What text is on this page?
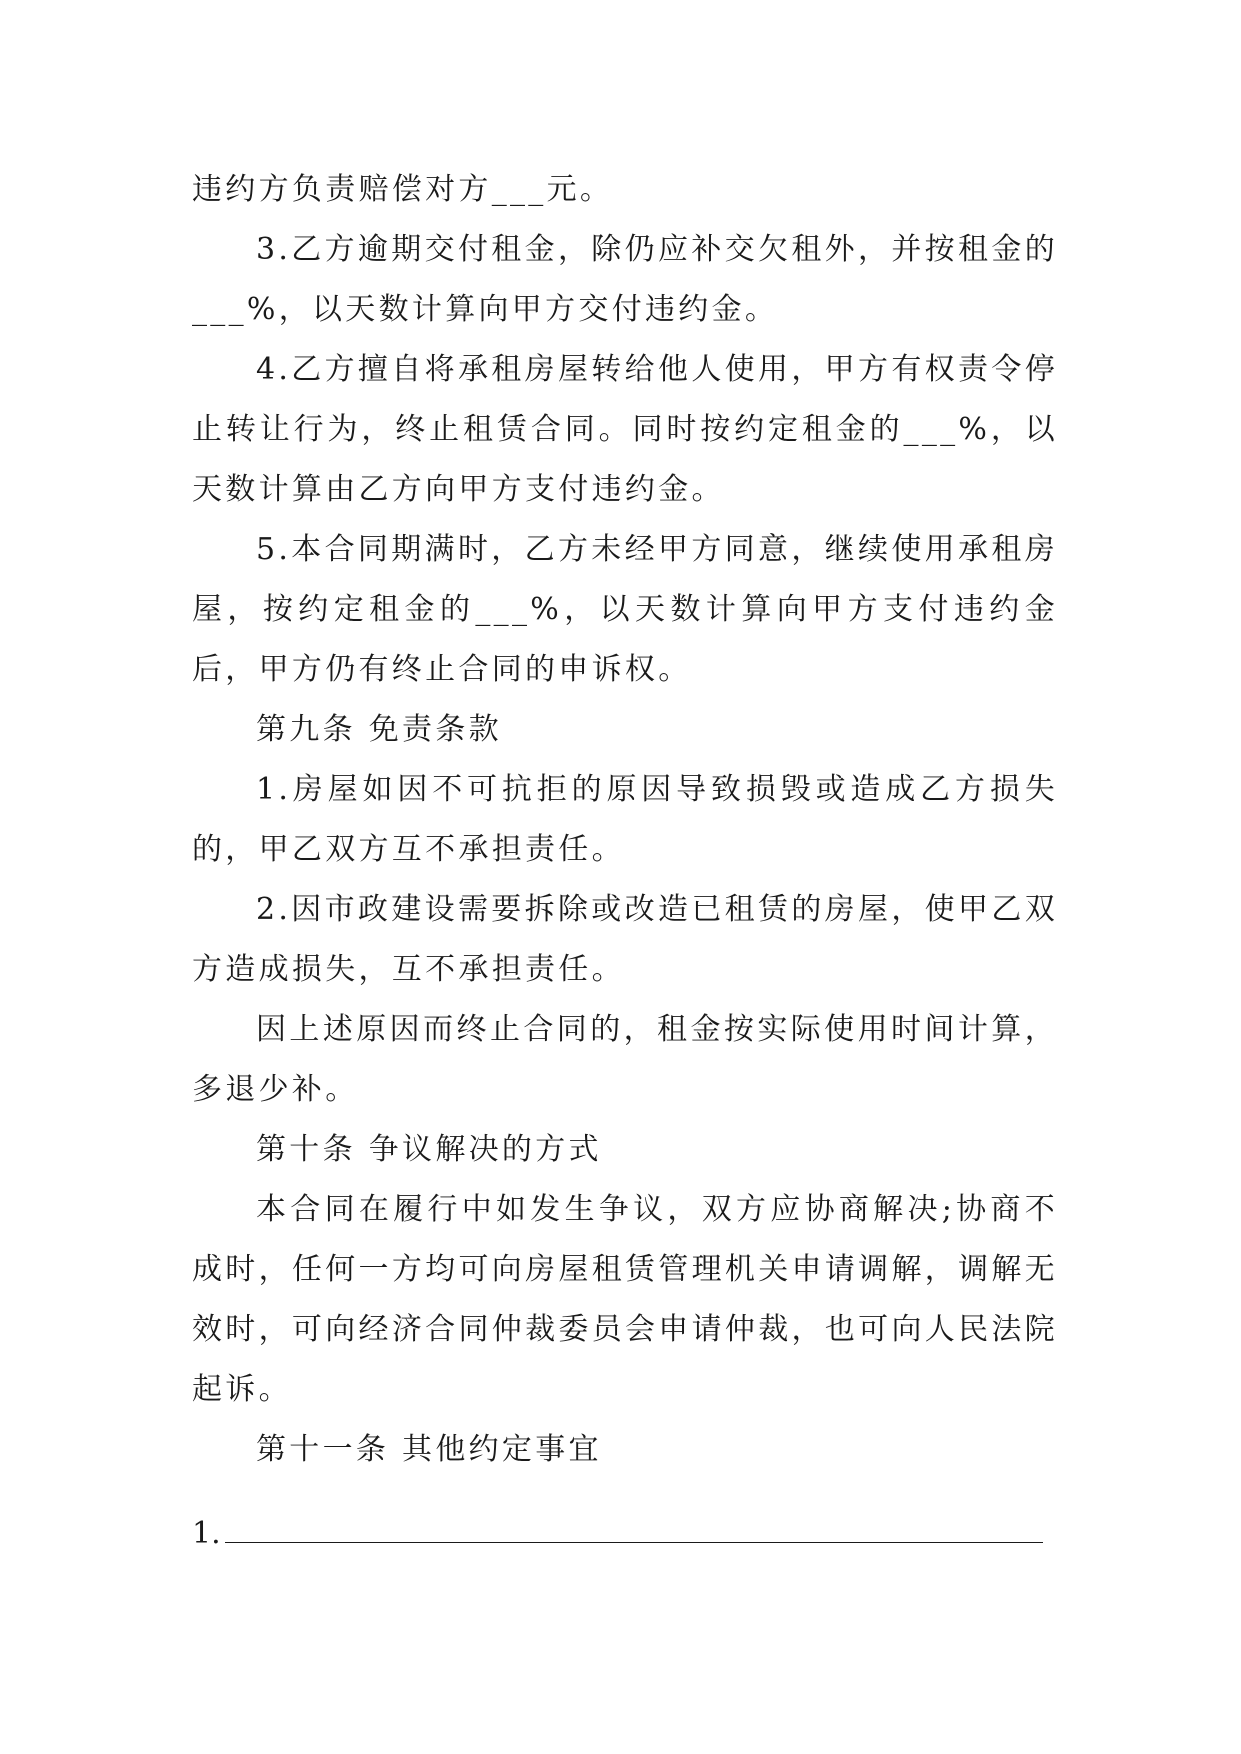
违约方负责赔偿对方___元。

3.乙方逾期交付租金，除仍应补交欠租外，并按租金的___%，以天数计算向甲方交付违约金。

4.乙方擅自将承租房屋转给他人使用，甲方有权责令停止转让行为，终止租赁合同。同时按约定租金的___%，以天数计算由乙方向甲方支付违约金。

5.本合同期满时，乙方未经甲方同意，继续使用承租房屋，按约定租金的___%，以天数计算向甲方支付违约金后，甲方仍有终止合同的申诉权。

第九条 免责条款

1.房屋如因不可抗拒的原因导致损毁或造成乙方损失的，甲乙双方互不承担责任。

2.因市政建设需要拆除或改造已租赁的房屋，使甲乙双方造成损失，互不承担责任。

因上述原因而终止合同的，租金按实际使用时间计算，多退少补。

第十条 争议解决的方式

本合同在履行中如发生争议，双方应协商解决;协商不成时，任何一方均可向房屋租赁管理机关申请调解，调解无效时，可向经济合同仲裁委员会申请仲裁，也可向人民法院起诉。

第十一条 其他约定事宜

1.
